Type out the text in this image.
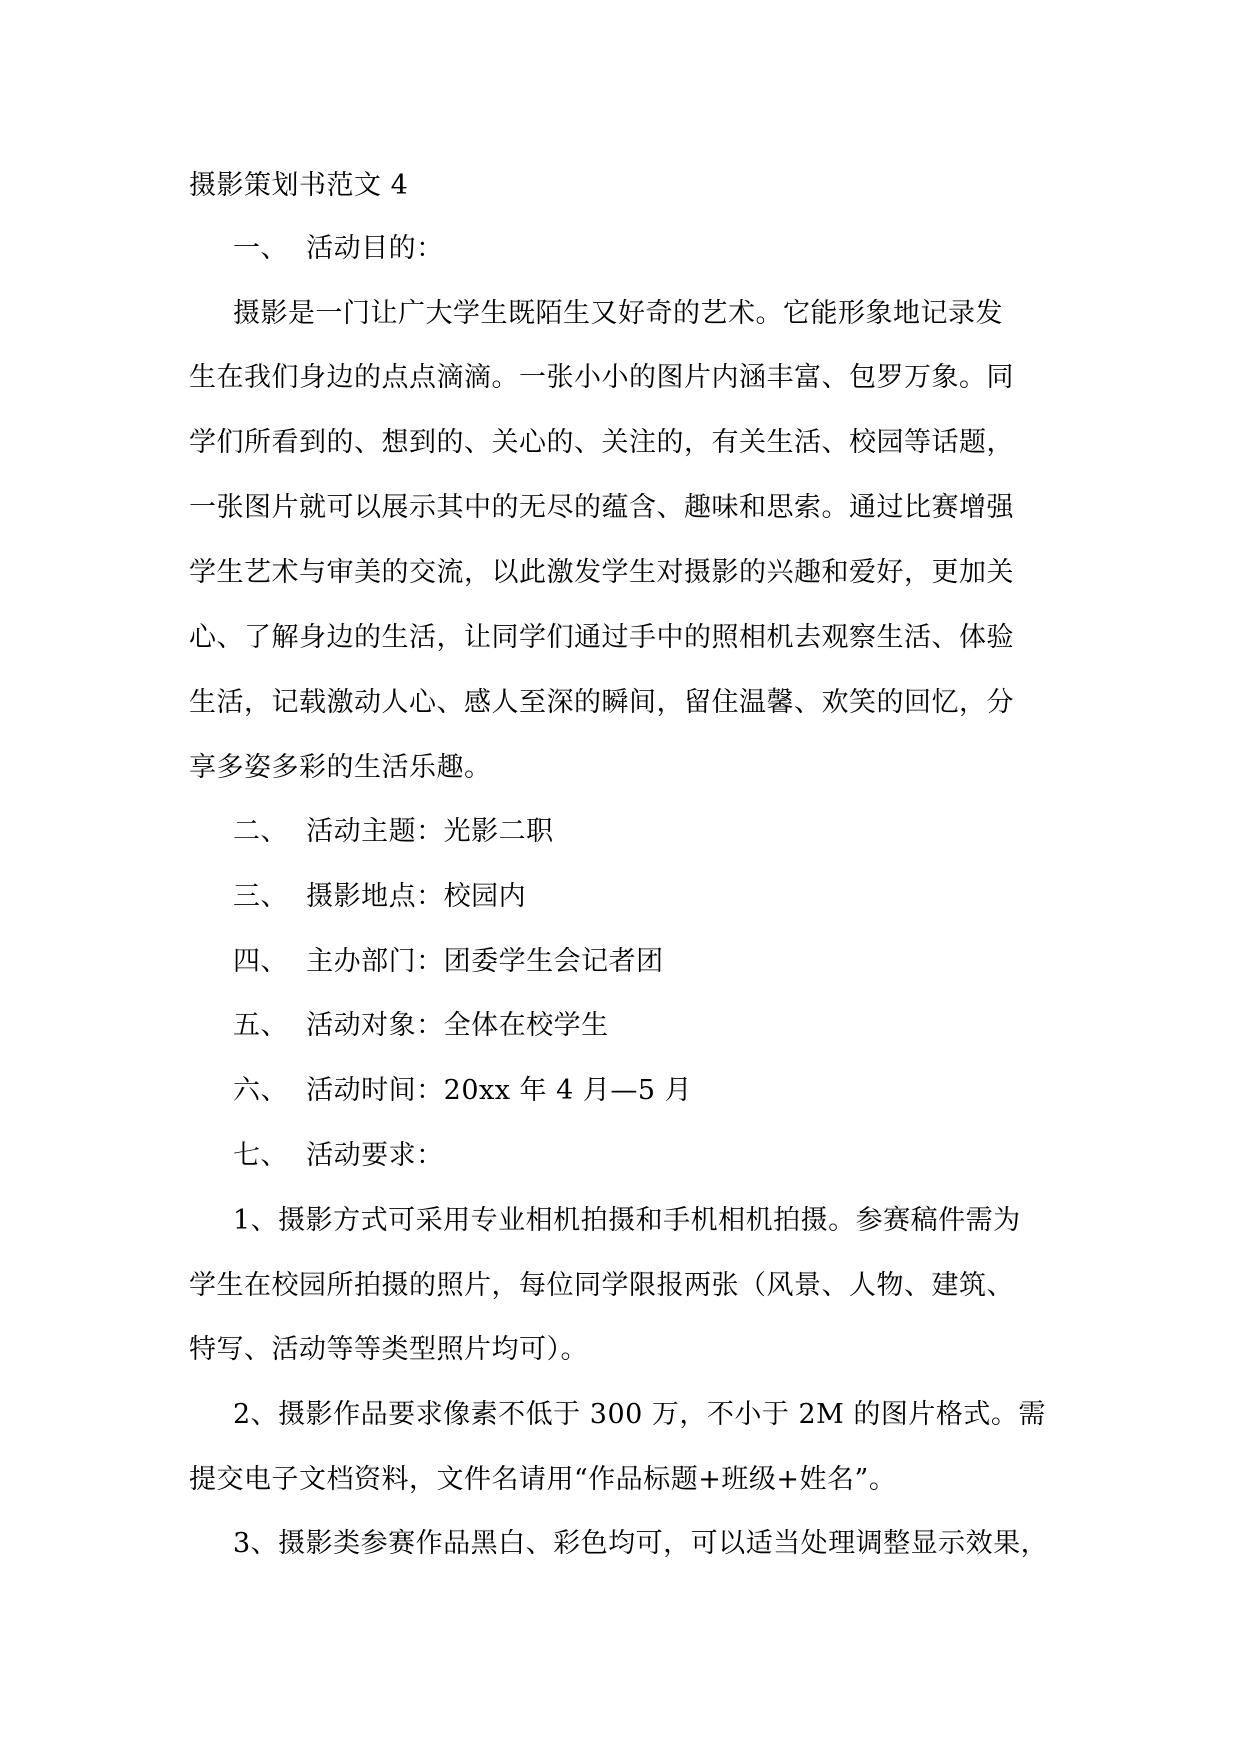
摄影策划书范文 4
一、  活动目的：
摄影是一门让广大学生既陌生又好奇的艺术。它能形象地记录发
生在我们身边的点点滴滴。一张小小的图片内涵丰富、包罗万象。同
学们所看到的、想到的、关心的、关注的，有关生活、校园等话题，
一张图片就可以展示其中的无尽的蕴含、趣味和思索。通过比赛增强
学生艺术与审美的交流，以此激发学生对摄影的兴趣和爱好，更加关
心、了解身边的生活，让同学们通过手中的照相机去观察生活、体验
生活，记载激动人心、感人至深的瞬间，留住温馨、欢笑的回忆，分
享多姿多彩的生活乐趣。
二、  活动主题：光影二职
三、  摄影地点：校园内
四、  主办部门：团委学生会记者团
五、  活动对象：全体在校学生
六、  活动时间：20xx 年 4 月—5 月
七、  活动要求：
1、摄影方式可采用专业相机拍摄和手机相机拍摄。参赛稿件需为
学生在校园所拍摄的照片，每位同学限报两张（风景、人物、建筑、
特写、活动等等类型照片均可）。
2、摄影作品要求像素不低于 300 万，不小于 2M 的图片格式。需
提交电子文档资料，文件名请用“作品标题+班级+姓名”。
3、摄影类参赛作品黑白、彩色均可，可以适当处理调整显示效果，
